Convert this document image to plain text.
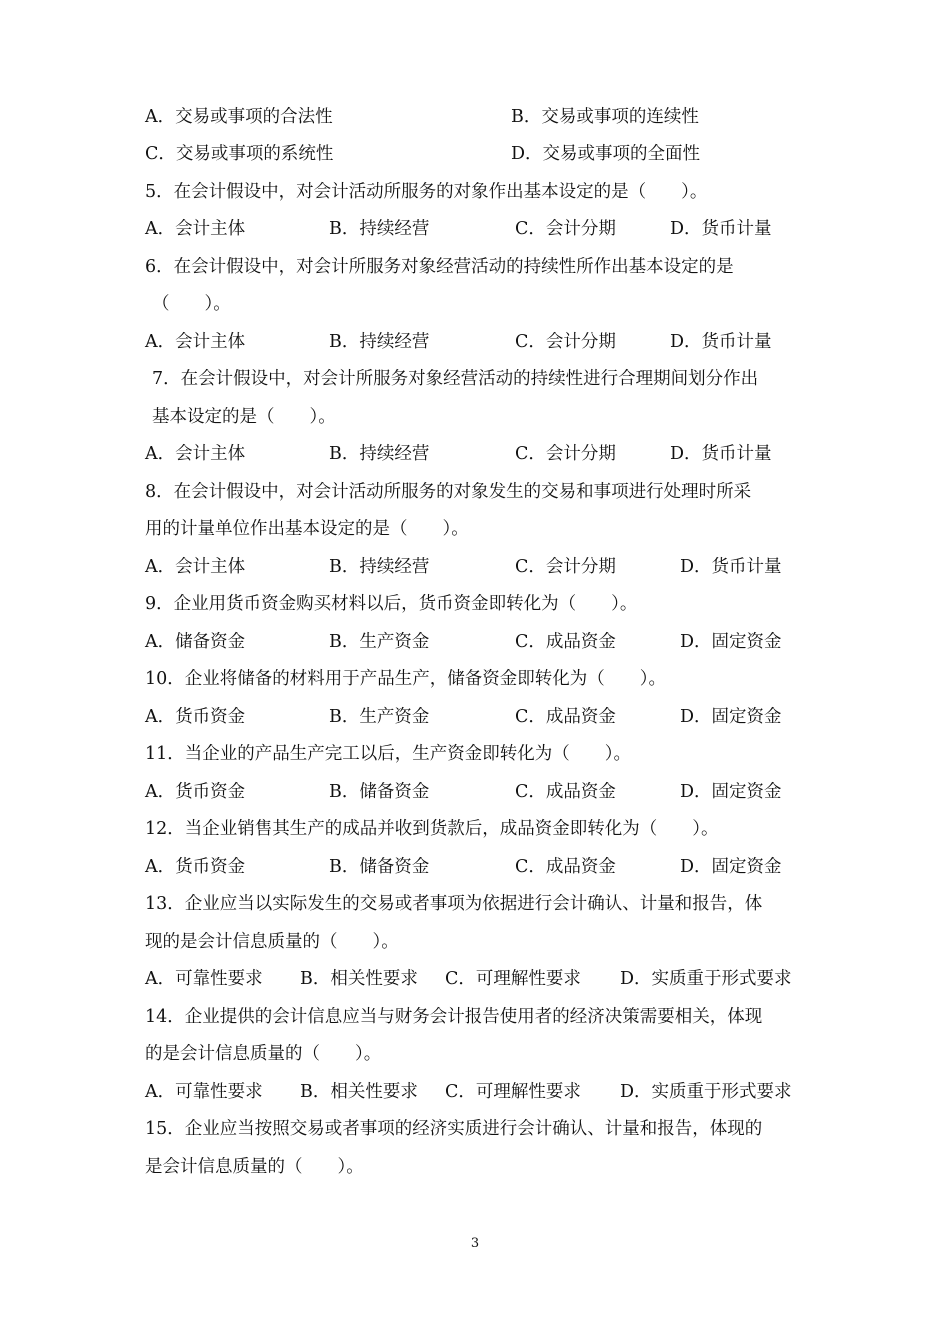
A．交易或事项的合法性	B．交易或事项的连续性
C．交易或事项的系统性	D．交易或事项的全面性
5．在会计假设中，对会计活动所服务的对象作出基本设定的是（　　）。
A．会计主体	B．持续经营	C．会计分期	D．货币计量
6．在会计假设中，对会计所服务对象经营活动的持续性所作出基本设定的是
（　　）。
A．会计主体	B．持续经营	C．会计分期	D．货币计量
7．在会计假设中，对会计所服务对象经营活动的持续性进行合理期间划分作出
基本设定的是（　　）。
A．会计主体	B．持续经营	C．会计分期	D．货币计量
8．在会计假设中，对会计活动所服务的对象发生的交易和事项进行处理时所采
用的计量单位作出基本设定的是（　　）。
A．会计主体	B．持续经营	C．会计分期	D．货币计量
9．企业用货币资金购买材料以后，货币资金即转化为（　　）。
A．储备资金	B．生产资金	C．成品资金	D．固定资金
10．企业将储备的材料用于产品生产，储备资金即转化为（　　）。
A．货币资金	B．生产资金	C．成品资金	D．固定资金
11．当企业的产品生产完工以后，生产资金即转化为（　　）。
A．货币资金	B．储备资金	C．成品资金	D．固定资金
12．当企业销售其生产的成品并收到货款后，成品资金即转化为（　　）。
A．货币资金	B．储备资金	C．成品资金	D．固定资金
13．企业应当以实际发生的交易或者事项为依据进行会计确认、计量和报告，体
现的是会计信息质量的（　　）。
A．可靠性要求 B．相关性要求 C．可理解性要求 D．实质重于形式要求
14．企业提供的会计信息应当与财务会计报告使用者的经济决策需要相关，体现
的是会计信息质量的（　　）。
A．可靠性要求 B．相关性要求 C．可理解性要求 D．实质重于形式要求
15．企业应当按照交易或者事项的经济实质进行会计确认、计量和报告，体现的
是会计信息质量的（　　）。
3
